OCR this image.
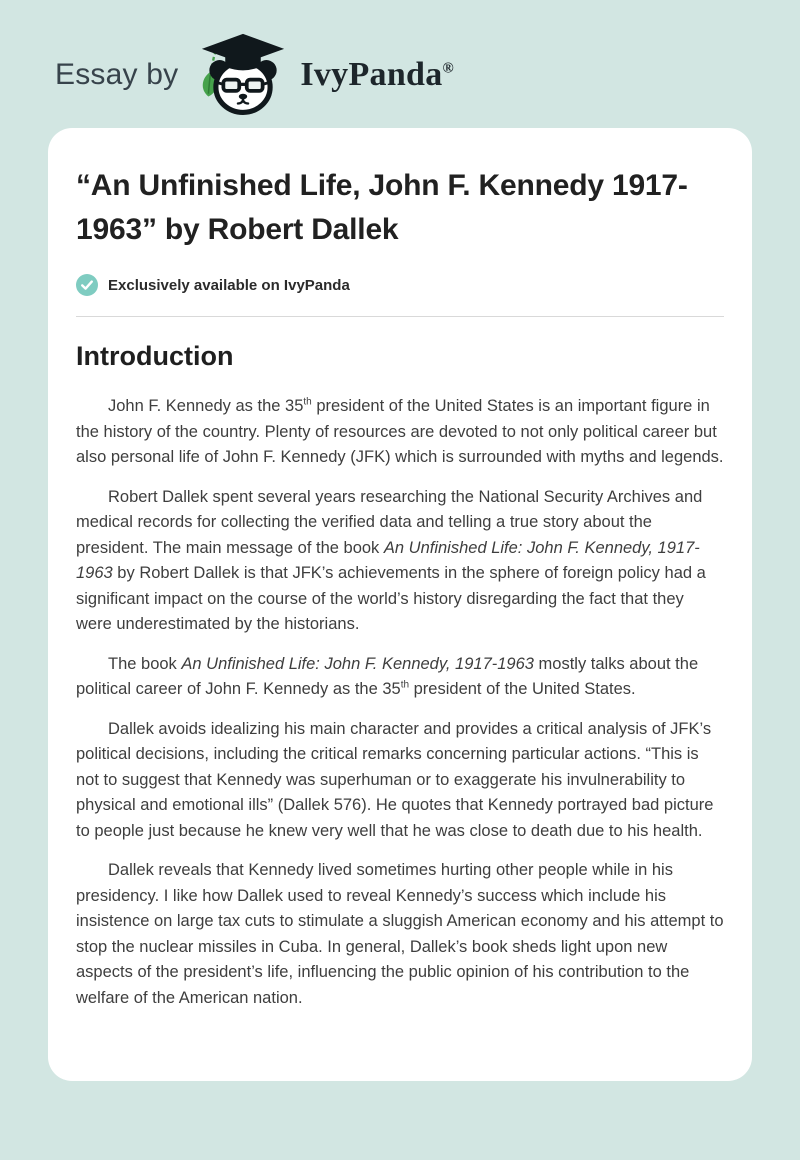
Essay by	IvyPanda®
“An Unfinished Life, John F. Kennedy 1917-1963” by Robert Dallek
Exclusively available on IvyPanda
Introduction

John F. Kennedy as the 35th president of the United States is an important figure in the history of the country. Plenty of resources are devoted to not only political career but also personal life of John F. Kennedy (JFK) which is surrounded with myths and legends.

Robert Dallek spent several years researching the National Security Archives and medical records for collecting the verified data and telling a true story about the president. The main message of the book An Unfinished Life: John F. Kennedy, 1917-1963 by Robert Dallek is that JFK’s achievements in the sphere of foreign policy had a significant impact on the course of the world’s history disregarding the fact that they were underestimated by the historians.

The book An Unfinished Life: John F. Kennedy, 1917-1963 mostly talks about the political career of John F. Kennedy as the 35th president of the United States.

Dallek avoids idealizing his main character and provides a critical analysis of JFK’s political decisions, including the critical remarks concerning particular actions. “This is not to suggest that Kennedy was superhuman or to exaggerate his invulnerability to physical and emotional ills” (Dallek 576). He quotes that Kennedy portrayed bad picture to people just because he knew very well that he was close to death due to his health.

Dallek reveals that Kennedy lived sometimes hurting other people while in his presidency. I like how Dallek used to reveal Kennedy’s success which include his insistence on large tax cuts to stimulate a sluggish American economy and his attempt to stop the nuclear missiles in Cuba. In general, Dallek’s book sheds light upon new aspects of the president’s life, influencing the public opinion of his contribution to the welfare of the American nation.
